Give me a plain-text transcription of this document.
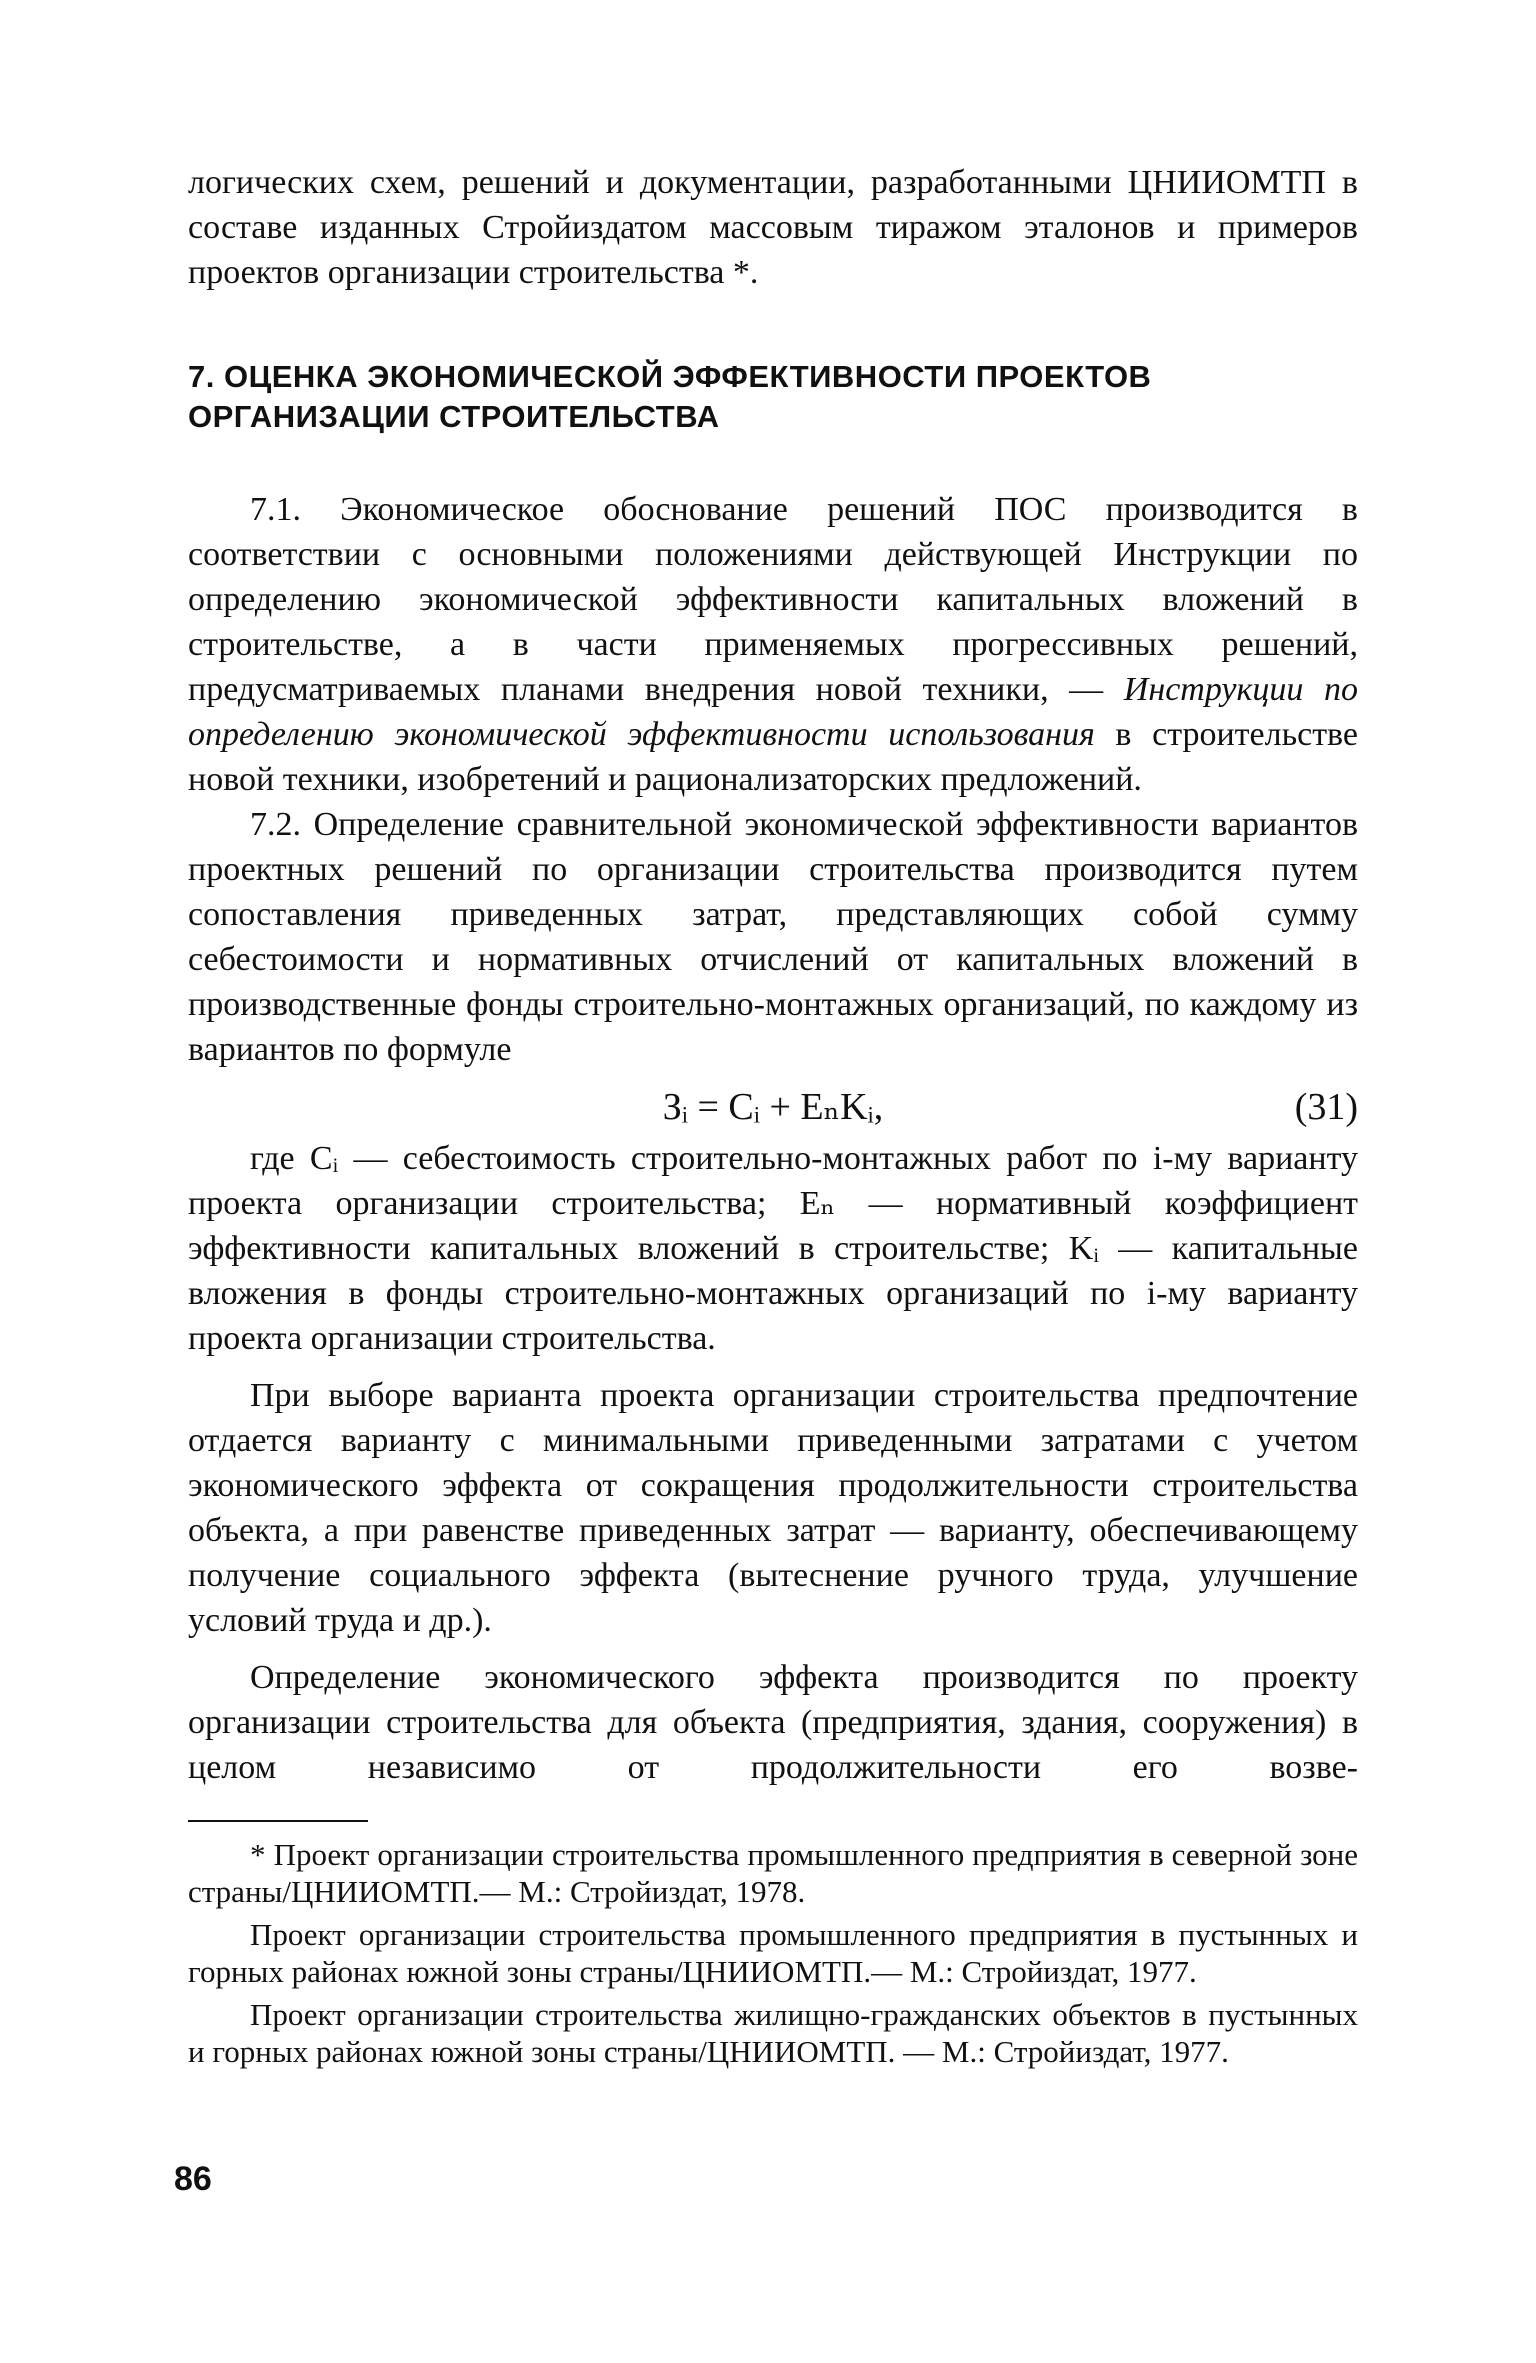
логических схем, решений и документации, разработанными ЦНИИОМТП в составе изданных Стройиздатом массовым тиражом эталонов и примеров проектов организации строительства *.

7. ОЦЕНКА ЭКОНОМИЧЕСКОЙ ЭФФЕКТИВНОСТИ ПРОЕКТОВ ОРГАНИЗАЦИИ СТРОИТЕЛЬСТВА

7.1. Экономическое обоснование решений ПОС производится в соответствии с основными положениями действующей Инструкции по определению экономической эффективности капитальных вложений в строительстве, а в части применяемых прогрессивных решений, предусматриваемых планами внедрения новой техники, — Инструкции по определению экономической эффективности использования в строительстве новой техники, изобретений и рационализаторских предложений.

7.2. Определение сравнительной экономической эффективности вариантов проектных решений по организации строительства производится путем сопоставления приведенных затрат, представляющих собой сумму себестоимости и нормативных отчислений от капитальных вложений в производственные фонды строительно-монтажных организаций, по каждому из вариантов по формуле

Зᵢ = Cᵢ + EₙKᵢ,	(31)

где Cᵢ — себестоимость строительно-монтажных работ по i-му варианту проекта организации строительства; Eₙ — нормативный коэффициент эффективности капитальных вложений в строительстве; Kᵢ — капитальные вложения в фонды строительно-монтажных организаций по i-му варианту проекта организации строительства.

При выборе варианта проекта организации строительства предпочтение отдается варианту с минимальными приведенными затратами с учетом экономического эффекта от сокращения продолжительности строительства объекта, а при равенстве приведенных затрат — варианту, обеспечивающему получение социального эффекта (вытеснение ручного труда, улучшение условий труда и др.).

Определение экономического эффекта производится по проекту организации строительства для объекта (предприятия, здания, сооружения) в целом независимо от продолжительности его возве-

* Проект организации строительства промышленного предприятия в северной зоне страны/ЦНИИОМТП.— М.: Стройиздат, 1978.

Проект организации строительства промышленного предприятия в пустынных и горных районах южной зоны страны/ЦНИИОМТП.— М.: Стройиздат, 1977.

Проект организации строительства жилищно-гражданских объектов в пустынных и горных районах южной зоны страны/ЦНИИОМТП. — М.: Стройиздат, 1977.

86
